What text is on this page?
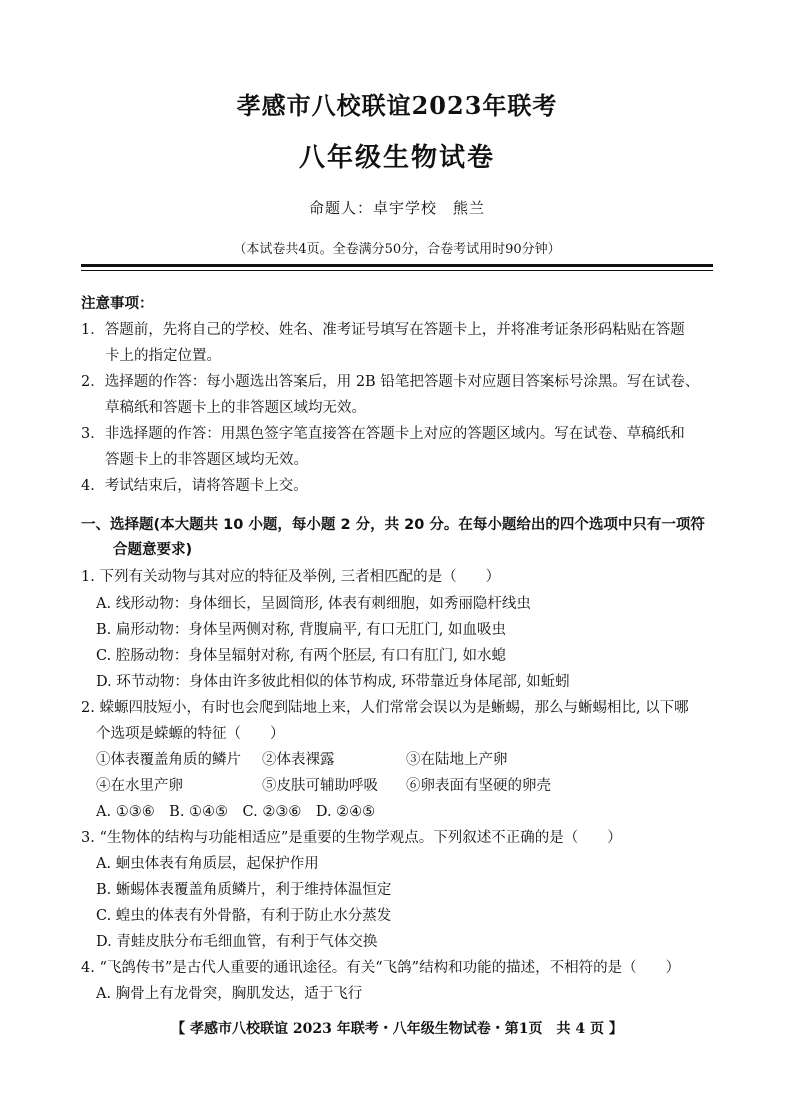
孝感市八校联谊2023年联考
八年级生物试卷
命题人：卓宇学校　熊兰
（本试卷共4页。全卷满分50分，合卷考试用时90分钟）
注意事项：
1．答题前，先将自己的学校、姓名、准考证号填写在答题卡上，并将准考证条形码粘贴在答题
卡上的指定位置。
2．选择题的作答：每小题选出答案后，用 2B 铅笔把答题卡对应题目答案标号涂黑。写在试卷、
草稿纸和答题卡上的非答题区域均无效。
3．非选择题的作答：用黑色签字笔直接答在答题卡上对应的答题区域内。写在试卷、草稿纸和
答题卡上的非答题区域均无效。
4．考试结束后，请将答题卡上交。
一、选择题(本大题共 10 小题，每小题 2 分，共 20 分。在每小题给出的四个选项中只有一项符
合题意要求)
1. 下列有关动物与其对应的特征及举例, 三者相匹配的是（　　）
A. 线形动物：身体细长，呈圆筒形, 体表有刺细胞，如秀丽隐杆线虫
B. 扁形动物：身体呈两侧对称, 背腹扁平, 有口无肛门, 如血吸虫
C. 腔肠动物：身体呈辐射对称, 有两个胚层, 有口有肛门, 如水螅
D. 环节动物：身体由许多彼此相似的体节构成, 环带靠近身体尾部, 如蚯蚓
2. 蝾螈四肢短小，有时也会爬到陆地上来，人们常常会误以为是蜥蜴，那么与蜥蜴相比, 以下哪
个选项是蝾螈的特征（　　）
①体表覆盖角质的鳞片 ②体表裸露	③在陆地上产卵
④在水里产卵	⑤皮肤可辅助呼吸 ⑥卵表面有坚硬的卵壳
A. ①③⑥　B. ①④⑤　C. ②③⑥　D. ②④⑤
3. “生物体的结构与功能相适应”是重要的生物学观点。下列叙述不正确的是（　　）
A. 蛔虫体表有角质层，起保护作用
B. 蜥蜴体表覆盖角质鳞片，利于维持体温恒定
C. 蝗虫的体表有外骨骼，有利于防止水分蒸发
D. 青蛙皮肤分布毛细血管，有利于气体交换
4. “飞鸽传书”是古代人重要的通讯途径。有关“飞鸽”结构和功能的描述，不相符的是（　　）
A. 胸骨上有龙骨突，胸肌发达，适于飞行
【 孝感市八校联谊 2023 年联考・八年级生物试卷・第1页　共 4 页 】
